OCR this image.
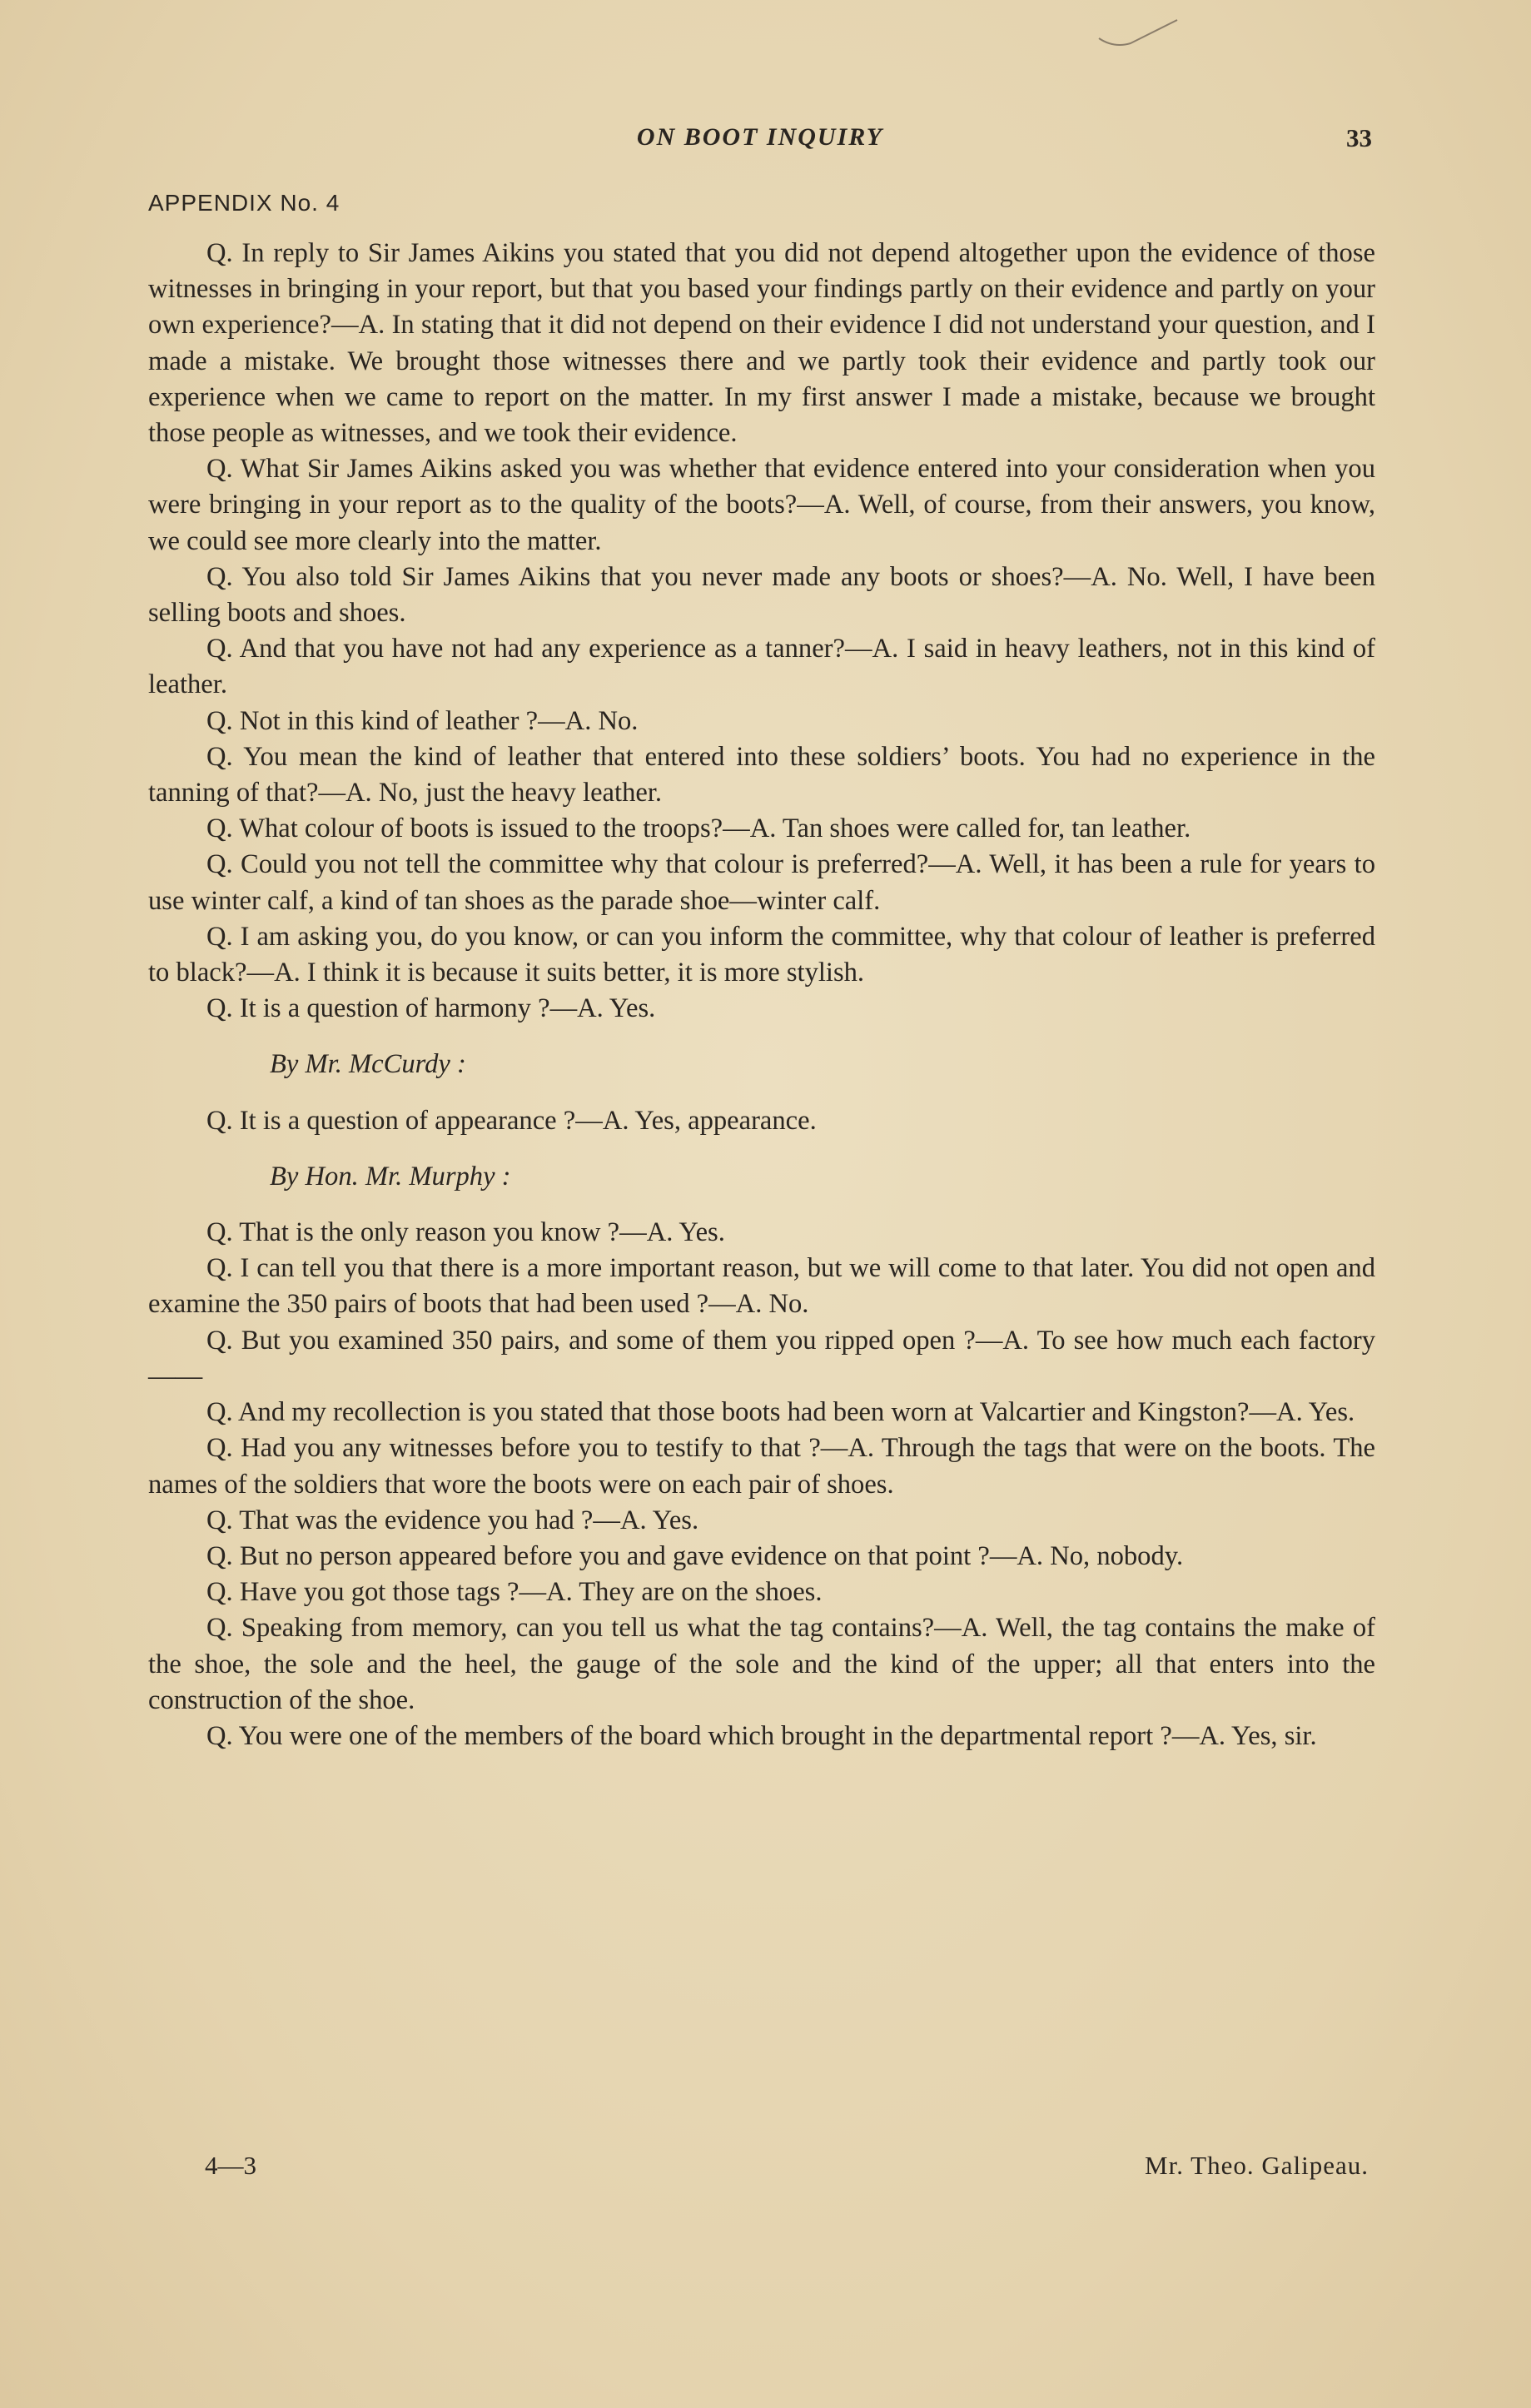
ON BOOT INQUIRY	33
APPENDIX No. 4

Q. In reply to Sir James Aikins you stated that you did not depend altogether upon the evidence of those witnesses in bringing in your report, but that you based your findings partly on their evidence and partly on your own experience?—A. In stating that it did not depend on their evidence I did not understand your question, and I made a mistake. We brought those witnesses there and we partly took their evidence and partly took our experience when we came to report on the matter. In my first answer I made a mistake, because we brought those people as witnesses, and we took their evidence.

Q. What Sir James Aikins asked you was whether that evidence entered into your consideration when you were bringing in your report as to the quality of the boots?—A. Well, of course, from their answers, you know, we could see more clearly into the matter.

Q. You also told Sir James Aikins that you never made any boots or shoes?—A. No. Well, I have been selling boots and shoes.

Q. And that you have not had any experience as a tanner?—A. I said in heavy leathers, not in this kind of leather.

Q. Not in this kind of leather ?—A. No.

Q. You mean the kind of leather that entered into these soldiers’ boots. You had no experience in the tanning of that?—A. No, just the heavy leather.

Q. What colour of boots is issued to the troops?—A. Tan shoes were called for, tan leather.

Q. Could you not tell the committee why that colour is preferred?—A. Well, it has been a rule for years to use winter calf, a kind of tan shoes as the parade shoe—winter calf.

Q. I am asking you, do you know, or can you inform the committee, why that colour of leather is preferred to black?—A. I think it is because it suits better, it is more stylish.

Q. It is a question of harmony ?—A. Yes.

By Mr. McCurdy :

Q. It is a question of appearance ?—A. Yes, appearance.

By Hon. Mr. Murphy :

Q. That is the only reason you know ?—A. Yes.

Q. I can tell you that there is a more important reason, but we will come to that later. You did not open and examine the 350 pairs of boots that had been used ?—A. No.

Q. But you examined 350 pairs, and some of them you ripped open ?—A. To see how much each factory——

Q. And my recollection is you stated that those boots had been worn at Valcartier and Kingston?—A. Yes.

Q. Had you any witnesses before you to testify to that ?—A. Through the tags that were on the boots. The names of the soldiers that wore the boots were on each pair of shoes.

Q. That was the evidence you had ?—A. Yes.

Q. But no person appeared before you and gave evidence on that point ?—A. No, nobody.

Q. Have you got those tags ?—A. They are on the shoes.

Q. Speaking from memory, can you tell us what the tag contains?—A. Well, the tag contains the make of the shoe, the sole and the heel, the gauge of the sole and the kind of the upper; all that enters into the construction of the shoe.

Q. You were one of the members of the board which brought in the departmental report ?—A. Yes, sir.

4—3	Mr. Theo. Galipeau.
